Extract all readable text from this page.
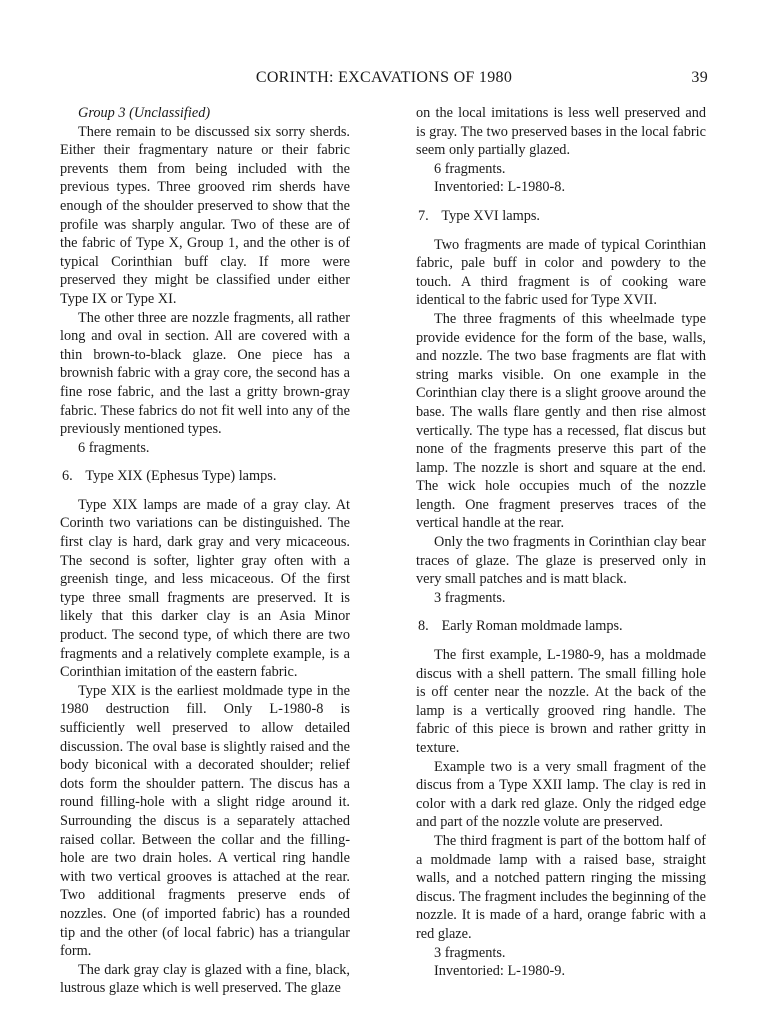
CORINTH: EXCAVATIONS OF 1980	39

Group 3 (Unclassified)

There remain to be discussed six sorry sherds. Either their fragmentary nature or their fabric prevents them from being included with the previous types. Three grooved rim sherds have enough of the shoulder preserved to show that the profile was sharply angular. Two of these are of the fabric of Type X, Group 1, and the other is of typical Corinthian buff clay. If more were preserved they might be classified under either Type IX or Type XI.

The other three are nozzle fragments, all rather long and oval in section. All are covered with a thin brown-to-black glaze. One piece has a brownish fabric with a gray core, the second has a fine rose fabric, and the last a gritty brown-gray fabric. These fabrics do not fit well into any of the previously mentioned types.

6 fragments.

6. Type XIX (Ephesus Type) lamps.

Type XIX lamps are made of a gray clay. At Corinth two variations can be distinguished. The first clay is hard, dark gray and very micaceous. The second is softer, lighter gray often with a greenish tinge, and less micaceous. Of the first type three small fragments are preserved. It is likely that this darker clay is an Asia Minor product. The second type, of which there are two fragments and a relatively complete example, is a Corinthian imitation of the eastern fabric.

Type XIX is the earliest moldmade type in the 1980 destruction fill. Only L-1980-8 is sufficiently well preserved to allow detailed discussion. The oval base is slightly raised and the body biconical with a decorated shoulder; relief dots form the shoulder pattern. The discus has a round filling-hole with a slight ridge around it. Surrounding the discus is a separately attached raised collar. Between the collar and the filling-hole are two drain holes. A vertical ring handle with two vertical grooves is attached at the rear. Two additional fragments preserve ends of nozzles. One (of imported fabric) has a rounded tip and the other (of local fabric) has a triangular form.

The dark gray clay is glazed with a fine, black, lustrous glaze which is well preserved. The glaze

on the local imitations is less well preserved and is gray. The two preserved bases in the local fabric seem only partially glazed.

6 fragments.

Inventoried: L-1980-8.

7. Type XVI lamps.

Two fragments are made of typical Corinthian fabric, pale buff in color and powdery to the touch. A third fragment is of cooking ware identical to the fabric used for Type XVII.

The three fragments of this wheelmade type provide evidence for the form of the base, walls, and nozzle. The two base fragments are flat with string marks visible. On one example in the Corinthian clay there is a slight groove around the base. The walls flare gently and then rise almost vertically. The type has a recessed, flat discus but none of the fragments preserve this part of the lamp. The nozzle is short and square at the end. The wick hole occupies much of the nozzle length. One fragment preserves traces of the vertical handle at the rear.

Only the two fragments in Corinthian clay bear traces of glaze. The glaze is preserved only in very small patches and is matt black.

3 fragments.

8. Early Roman moldmade lamps.

The first example, L-1980-9, has a moldmade discus with a shell pattern. The small filling hole is off center near the nozzle. At the back of the lamp is a vertically grooved ring handle. The fabric of this piece is brown and rather gritty in texture.

Example two is a very small fragment of the discus from a Type XXII lamp. The clay is red in color with a dark red glaze. Only the ridged edge and part of the nozzle volute are preserved.

The third fragment is part of the bottom half of a moldmade lamp with a raised base, straight walls, and a notched pattern ringing the missing discus. The fragment includes the beginning of the nozzle. It is made of a hard, orange fabric with a red glaze.

3 fragments.

Inventoried: L-1980-9.
